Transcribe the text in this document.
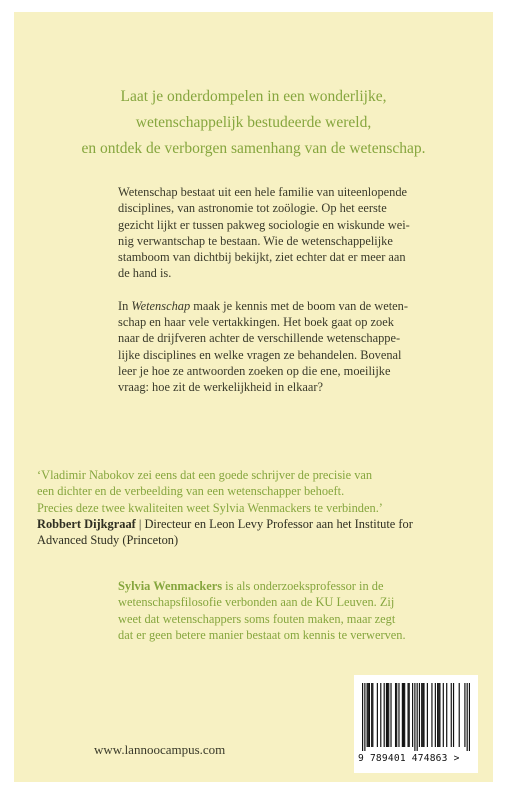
Laat je onderdompelen in een wonderlijke,
wetenschappelijk bestudeerde wereld,
en ontdek de verborgen samenhang van de wetenschap.

Wetenschap bestaat uit een hele familie van uiteenlopende
disciplines, van astronomie tot zoölogie. Op het eerste
gezicht lijkt er tussen pakweg sociologie en wiskunde wei-
nig verwantschap te bestaan. Wie de wetenschappelijke
stamboom van dichtbij bekijkt, ziet echter dat er meer aan
de hand is.

In Wetenschap maak je kennis met de boom van de weten-
schap en haar vele vertakkingen. Het boek gaat op zoek
naar de drijfveren achter de verschillende wetenschappe-
lijke disciplines en welke vragen ze behandelen. Bovenal
leer je hoe ze antwoorden zoeken op die ene, moeilijke
vraag: hoe zit de werkelijkheid in elkaar?

‘Vladimir Nabokov zei eens dat een goede schrijver de precisie van
een dichter en de verbeelding van een wetenschapper behoeft.
Precies deze twee kwaliteiten weet Sylvia Wenmackers te verbinden.’
Robbert Dijkgraaf | Directeur en Leon Levy Professor aan het Institute for
Advanced Study (Princeton)
Sylvia Wenmackers is als onderzoeksprofessor in de
wetenschapsfilosofie verbonden aan de KU Leuven. Zij
weet dat wetenschappers soms fouten maken, maar zegt
dat er geen betere manier bestaat om kennis te verwerven.
www.lannoocampus.com
9 789401 474863 >
